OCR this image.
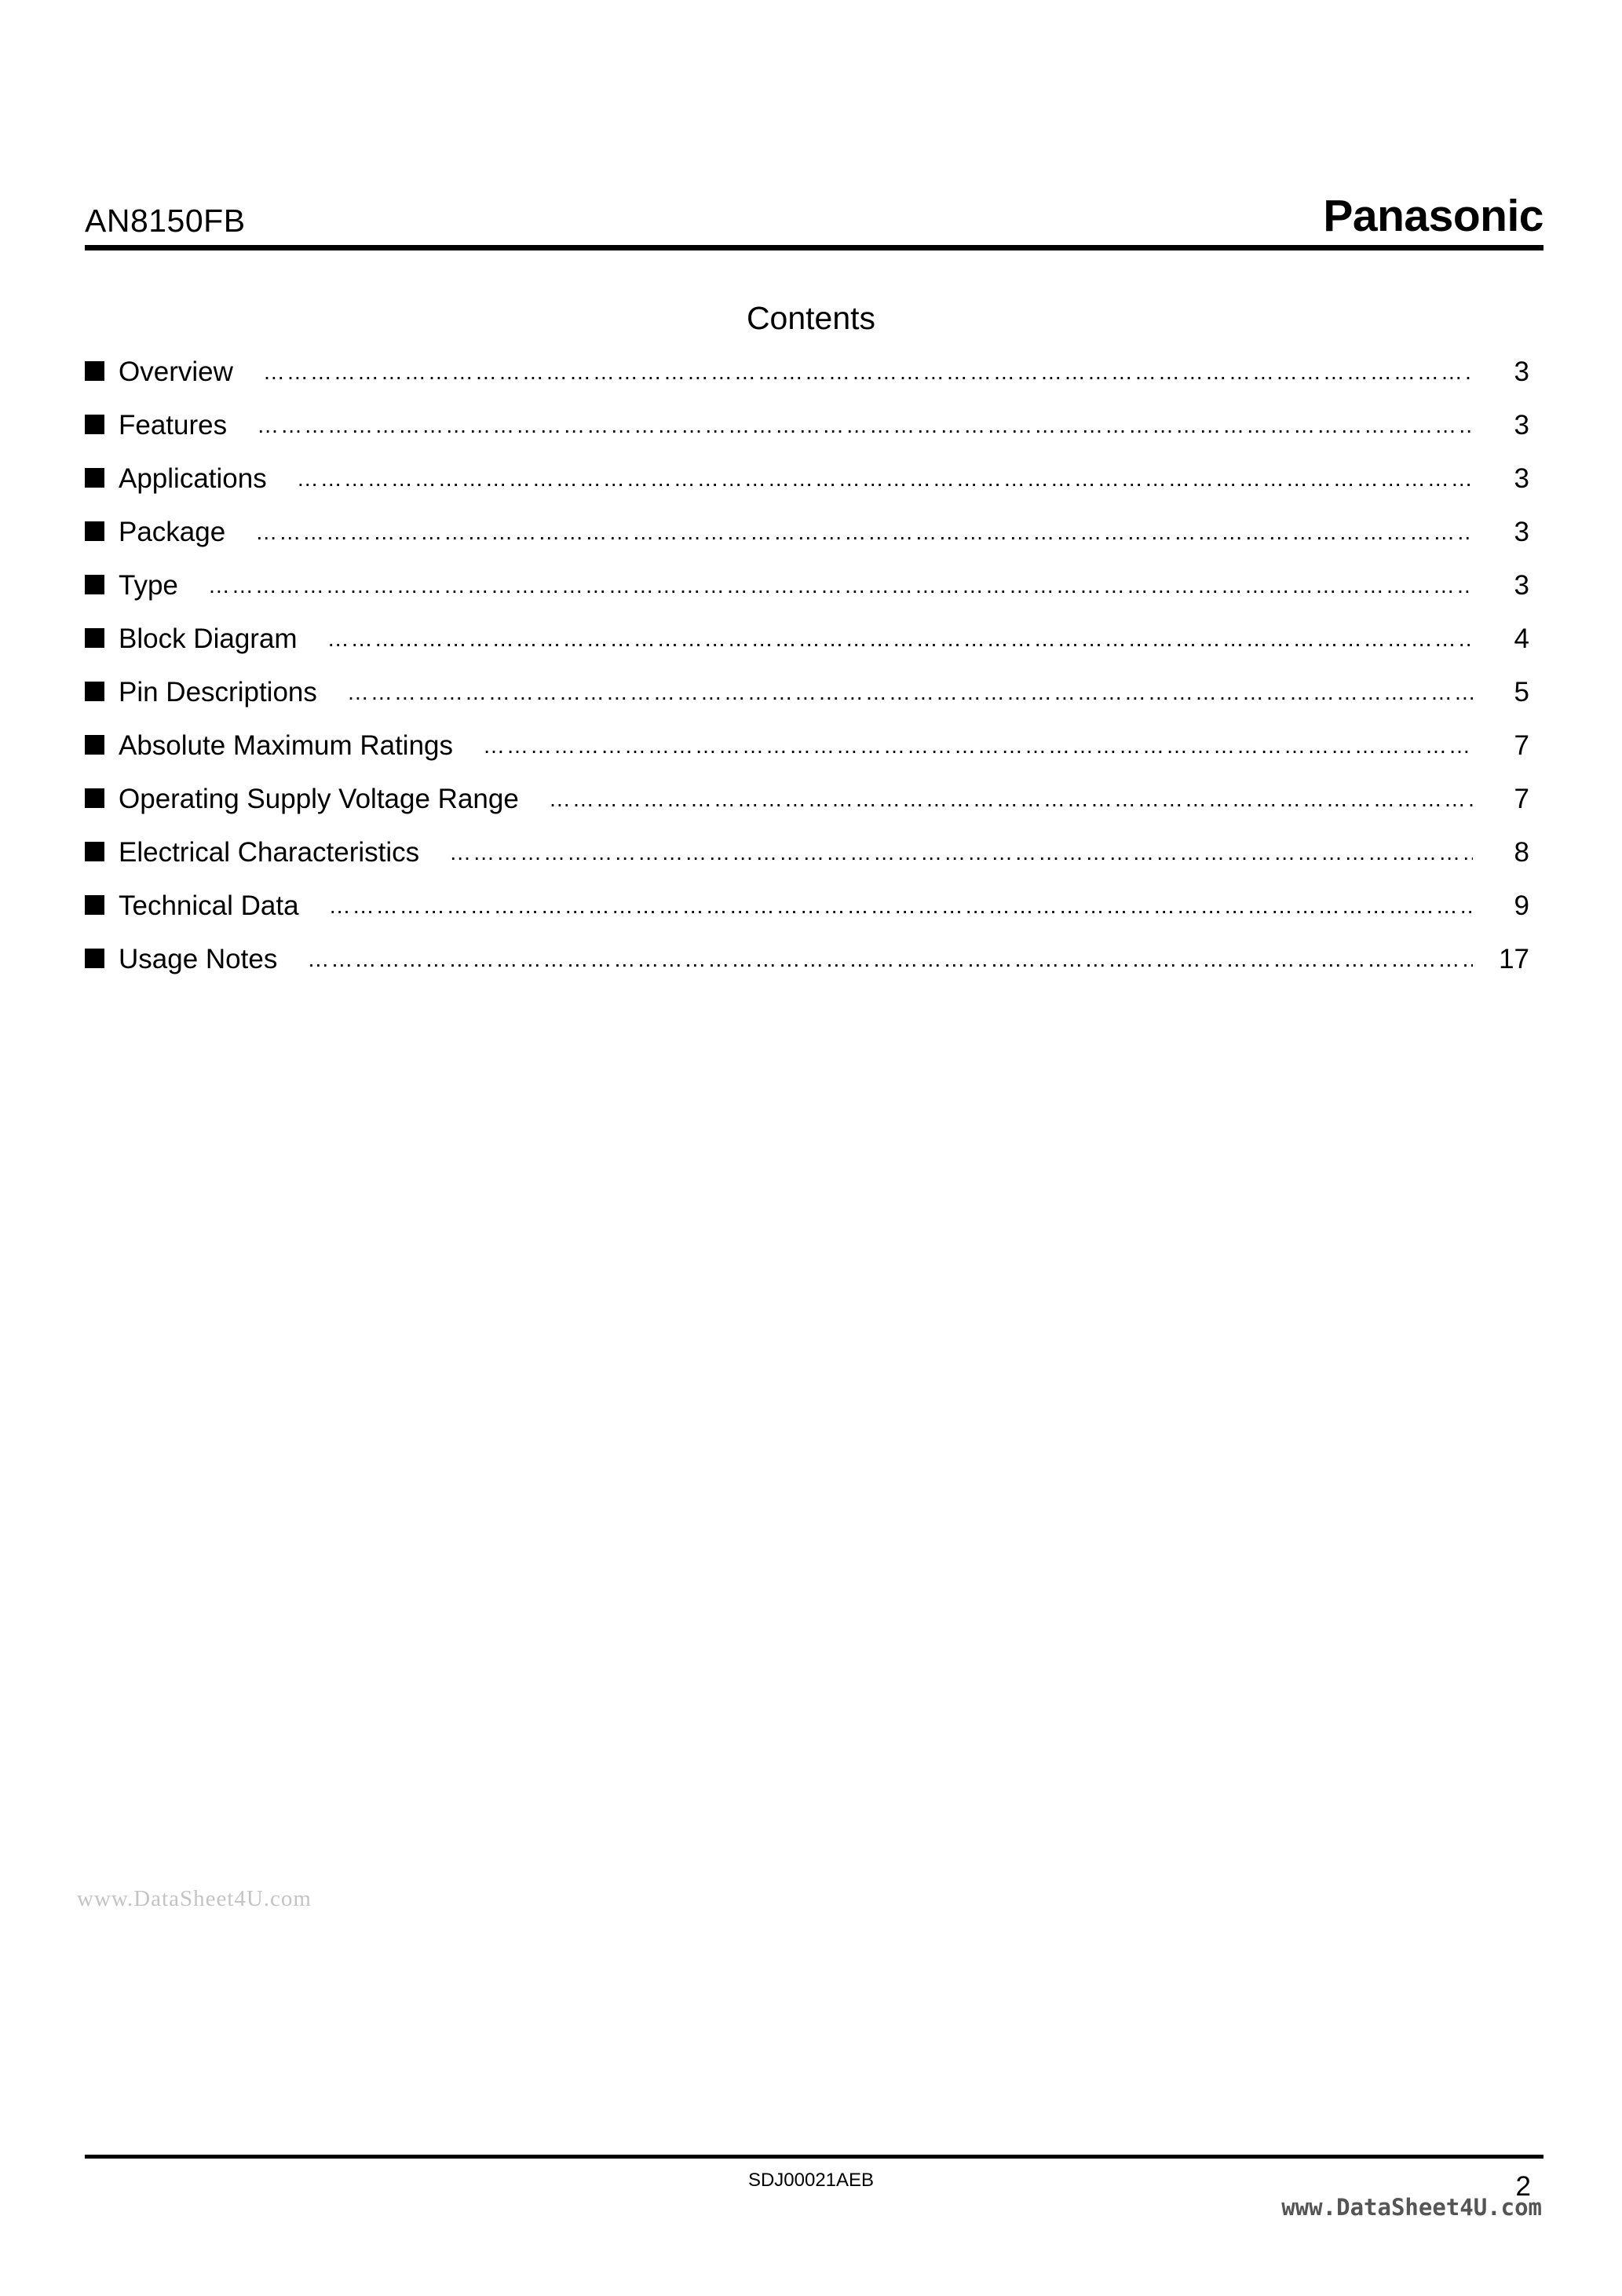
AN8150FB	Panasonic
Contents
Overview ……………………………………………………………………………………………………………………………………………………………………………………………………………………………	3
Features ……………………………………………………………………………………………………………………………………………………………………………………………………………………………	3
Applications ……………………………………………………………………………………………………………………………………………………………………………………………………………………………	3
Package ……………………………………………………………………………………………………………………………………………………………………………………………………………………………	3
Type ……………………………………………………………………………………………………………………………………………………………………………………………………………………………	3
Block Diagram ……………………………………………………………………………………………………………………………………………………………………………………………………………………………	4
Pin Descriptions ……………………………………………………………………………………………………………………………………………………………………………………………………………………………	5
Absolute Maximum Ratings ……………………………………………………………………………………………………………………………………………………………………………………………………………………………	7
Operating Supply Voltage Range ……………………………………………………………………………………………………………………………………………………………………………………………………………………………	7
Electrical Characteristics ……………………………………………………………………………………………………………………………………………………………………………………………………………………………	8
Technical Data ……………………………………………………………………………………………………………………………………………………………………………………………………………………………	9
Usage Notes ……………………………………………………………………………………………………………………………………………………………………………………………………………………………	17
www.DataSheet4U.com
SDJ00021AEB	2
www.DataSheet4U.com
